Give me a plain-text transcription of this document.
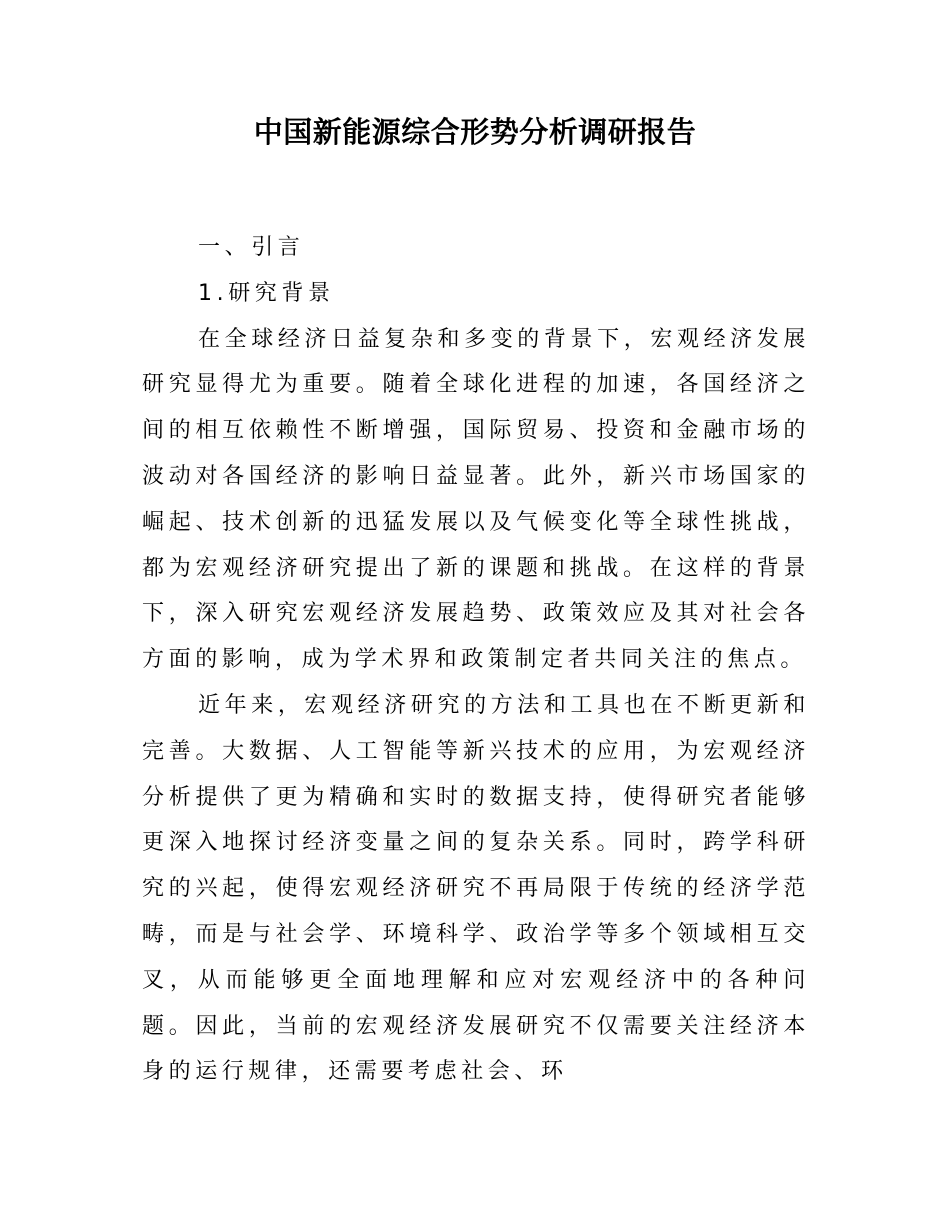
中国新能源综合形势分析调研报告

一、引言

1.研究背景

在全球经济日益复杂和多变的背景下，宏观经济发展研究显得尤为重要。随着全球化进程的加速，各国经济之间的相互依赖性不断增强，国际贸易、投资和金融市场的波动对各国经济的影响日益显著。此外，新兴市场国家的崛起、技术创新的迅猛发展以及气候变化等全球性挑战，都为宏观经济研究提出了新的课题和挑战。在这样的背景下，深入研究宏观经济发展趋势、政策效应及其对社会各方面的影响，成为学术界和政策制定者共同关注的焦点。

近年来，宏观经济研究的方法和工具也在不断更新和完善。大数据、人工智能等新兴技术的应用，为宏观经济分析提供了更为精确和实时的数据支持，使得研究者能够更深入地探讨经济变量之间的复杂关系。同时，跨学科研究的兴起，使得宏观经济研究不再局限于传统的经济学范畴，而是与社会学、环境科学、政治学等多个领域相互交叉，从而能够更全面地理解和应对宏观经济中的各种问题。因此，当前的宏观经济发展研究不仅需要关注经济本身的运行规律，还需要考虑社会、环
